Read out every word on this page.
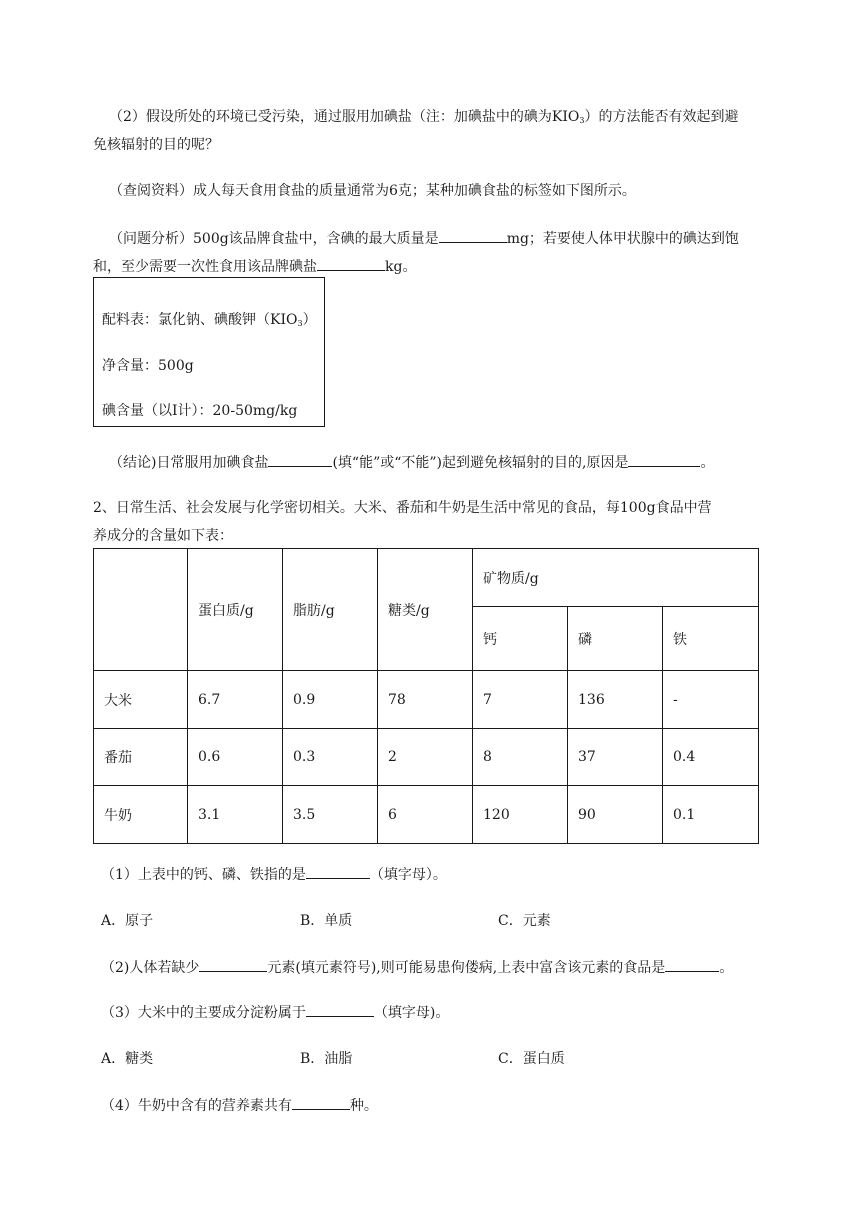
（2）假设所处的环境已受污染，通过服用加碘盐（注：加碘盐中的碘为$KIO_3$）的方法能否有效起到避
免核辐射的目的呢？
（查阅资料）成人每天食用食盐的质量通常为6克；某种加碘食盐的标签如下图所示。
（问题分析）500g该品牌食盐中，含碘的最大质量是	mg；若要使人体甲状腺中的碘达到饱
和，至少需要一次性食用该品牌碘盐	kg。
配料表：氯化钠、碘酸钾$(KIO_3)$
净含量：500g
碘含量（以I计）：20-50mg/kg
（结论)日常服用加碘食盐	(填“能”或“不能”)起到避免核辐射的目的,原因是	。
2、日常生活、社会发展与化学密切相关。大米、番茄和牛奶是生活中常见的食品，每100g食品中营
养成分的含量如下表：
	蛋白质/g	脂肪/g	糖类/g	矿物质/g		
				钙	磷	铁
大米	6.7	0.9	78	7	136	-
番茄	0.6	0.3	2	8	37	0.4
牛奶	3.1	3.5	6	120	90	0.1
（1）上表中的钙、磷、铁指的是	（填字母）。
A．原子	B．单质	C．元素
（2)人体若缺少	元素(填元素符号),则可能易患佝偻病,上表中富含该元素的食品是	。
（3）大米中的主要成分淀粉属于	（填字母)。
A．糖类	B．油脂	C．蛋白质
（4）牛奶中含有的营养素共有	种。
